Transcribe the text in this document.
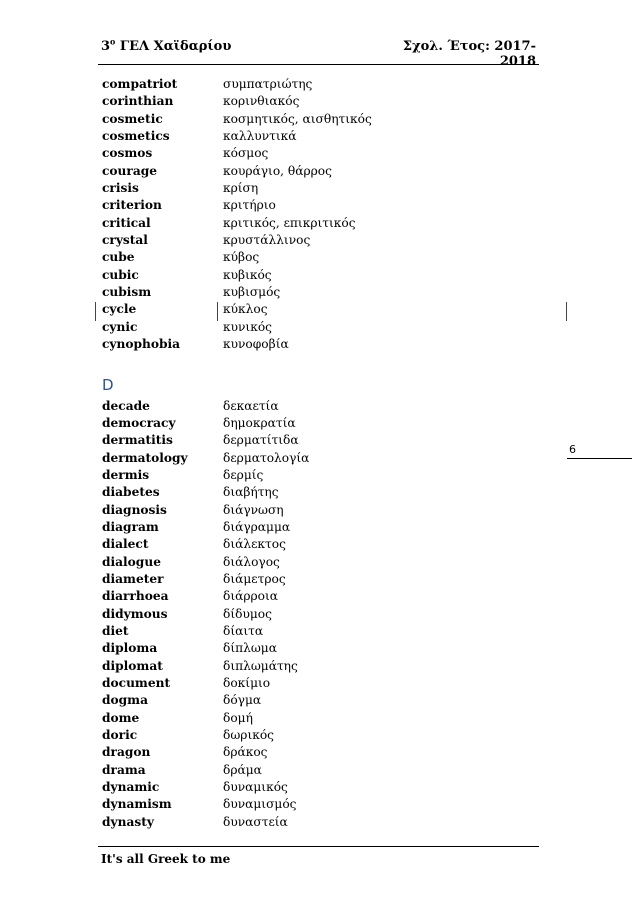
$3^o$ ΓΕΛ Χαϊδαρίου	Σχολ. Έτος: 2017-2018
compatriot	συμπατριώτης
corinthian	κορινθιακός
cosmetic	κοσμητικός, αισθητικός
cosmetics	καλλυντικά
cosmos	κόσμος
courage	κουράγιο, θάρρος
crisis	κρίση
criterion	κριτήριο
critical	κριτικός, επικριτικός
crystal	κρυστάλλινος
cube	κύβος
cubic	κυβικός
cubism	κυβισμός
cycle	κύκλος
cynic	κυνικός
cynophobia	κυνοφοβία
D
decade	δεκαετία
democracy	δημοκρατία
dermatitis	δερματίτιδα
dermatology	δερματολογία
dermis	δερμίς
diabetes	διαβήτης
diagnosis	διάγνωση
diagram	διάγραμμα
dialect	διάλεκτος
dialogue	διάλογος
diameter	διάμετρος
diarrhoea	διάρροια
didymous	δίδυμος
diet	δίαιτα
diploma	δίπλωμα
diplomat	διπλωμάτης
document	δοκίμιο
dogma	δόγμα
dome	δομή
doric	δωρικός
dragon	δράκος
drama	δράμα
dynamic	δυναμικός
dynamism	δυναμισμός
dynasty	δυναστεία
6
It's all Greek to me
